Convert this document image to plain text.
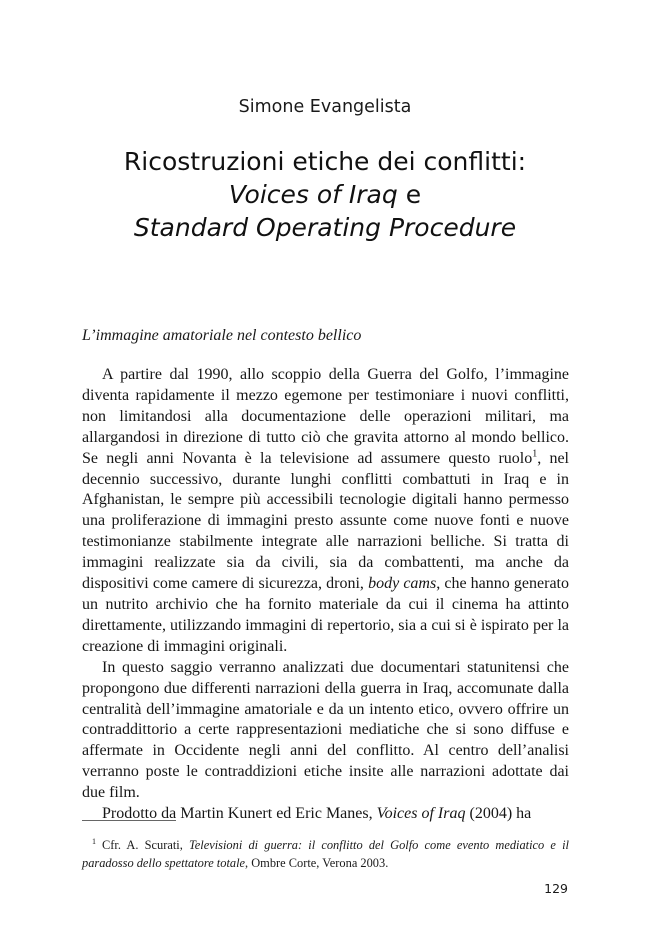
Simone Evangelista
Ricostruzioni etiche dei conflitti:
Voices of Iraq e
Standard Operating Procedure
L’immagine amatoriale nel contesto bellico

A partire dal 1990, allo scoppio della Guerra del Golfo, l’immagine diventa rapidamente il mezzo egemone per testimoniare i nuovi conflitti, non limitandosi alla documentazione delle operazioni militari, ma allargandosi in direzione di tutto ciò che gravita attorno al mondo bellico. Se negli anni Novanta è la televisione ad assumere questo ruolo$^1$, nel decennio successivo, durante lunghi conflitti combattuti in Iraq e in Afghanistan, le sempre più accessibili tecnologie digitali hanno permesso una proliferazione di immagini presto assunte come nuove fonti e nuove testimonianze stabilmente integrate alle narrazioni belliche. Si tratta di immagini realizzate sia da civili, sia da combattenti, ma anche da dispositivi come camere di sicurezza, droni, body cams, che hanno generato un nutrito archivio che ha fornito materiale da cui il cinema ha attinto direttamente, utilizzando immagini di repertorio, sia a cui si è ispirato per la creazione di immagini originali.

In questo saggio verranno analizzati due documentari statunitensi che propongono due differenti narrazioni della guerra in Iraq, accomunate dalla centralità dell’immagine amatoriale e da un intento etico, ovvero offrire un contraddittorio a certe rappresentazioni mediatiche che si sono diffuse e affermate in Occidente negli anni del conflitto. Al centro dell’analisi verranno poste le contraddizioni etiche insite alle narrazioni adottate dai due film.

Prodotto da Martin Kunert ed Eric Manes, Voices of Iraq (2004) ha

$^1$ Cfr. A. Scurati, Televisioni di guerra: il conflitto del Golfo come evento mediatico e il paradosso dello spettatore totale, Ombre Corte, Verona 2003.
129
